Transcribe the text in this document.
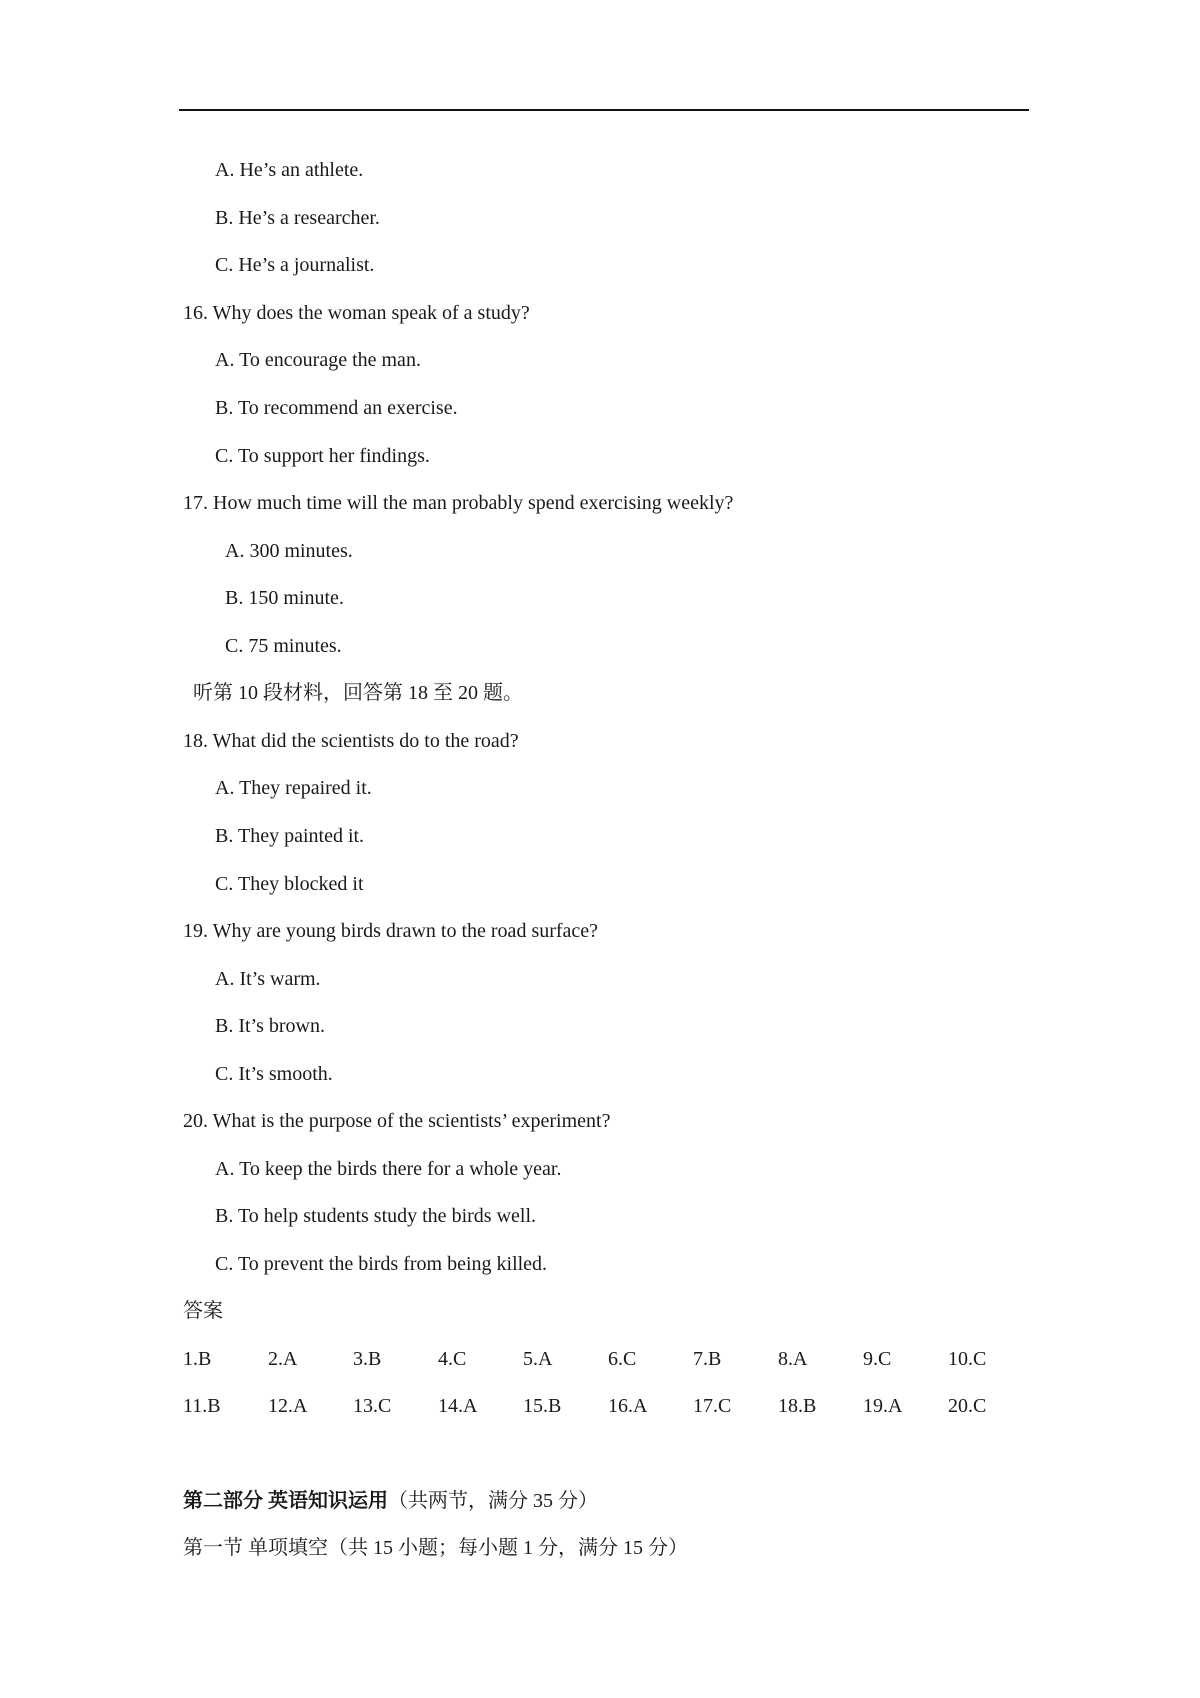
A. He’s an athlete.
B. He’s a researcher.
C. He’s a journalist.
16. Why does the woman speak of a study?
A. To encourage the man.
B. To recommend an exercise.
C. To support her findings.
17. How much time will the man probably spend exercising weekly?
A. 300 minutes.
B. 150 minute.
C. 75 minutes.
听第 10 段材料，回答第 18 至 20 题。
18. What did the scientists do to the road?
A. They repaired it.
B. They painted it.
C. They blocked it
19. Why are young birds drawn to the road surface?
A. It’s warm.
B. It’s brown.
C. It’s smooth.
20. What is the purpose of the scientists’ experiment?
A. To keep the birds there for a whole year.
B. To help students study the birds well.
C. To prevent the birds from being killed.
答案
1.B	2.A	3.B	4.C	5.A	6.C	7.B	8.A	9.C	10.C
11.B 12.A 13.C 14.A 15.B 16.A 17.C 18.B 19.A 20.C
第二部分 英语知识运用（共两节，满分 35 分）
第一节 单项填空（共 15 小题；每小题 1 分，满分 15 分）
